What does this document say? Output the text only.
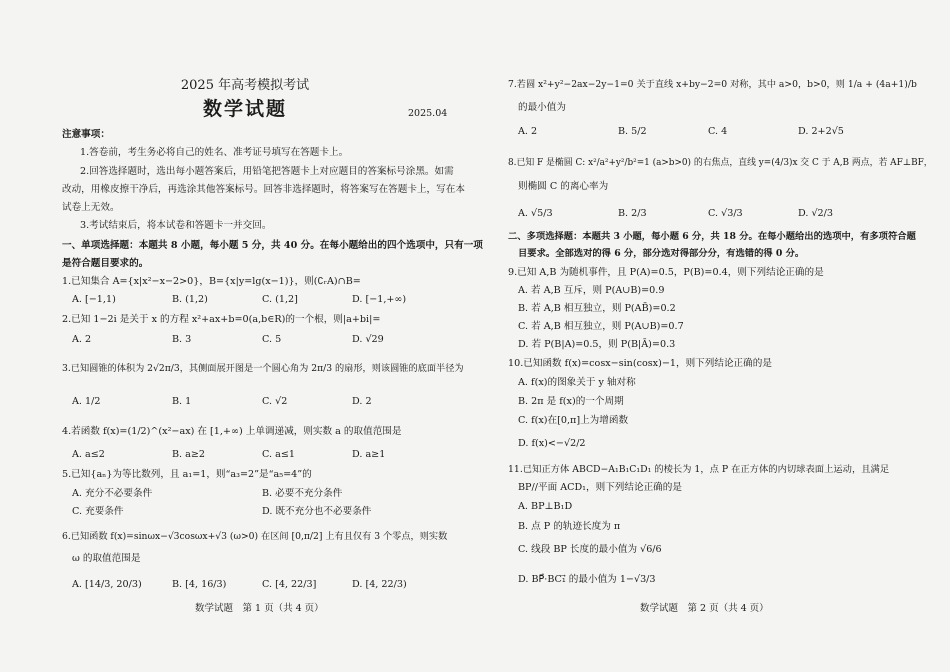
2025 年高考模拟考试
数学试题	2025.04
注意事项：
1.答卷前，考生务必将自己的姓名、准考证号填写在答题卡上。
2.回答选择题时，选出每小题答案后，用铅笔把答题卡上对应题目的答案标号涂黑。如需
改动，用橡皮擦干净后，再选涂其他答案标号。回答非选择题时，将答案写在答题卡上，写在本
试卷上无效。
3.考试结束后，将本试卷和答题卡一并交回。
一、单项选择题：本题共 8 小题，每小题 5 分，共 40 分。在每小题给出的四个选项中，只有一项
是符合题目要求的。
1.已知集合 A={x|x²−x−2>0}，B={x|y=lg(x−1)}，则(∁ᵣA)∩B=
A. [−1,1)	B. (1,2)	C. (1,2]	D. [−1,+∞)
2.已知 1−2i 是关于 x 的方程 x²+ax+b=0(a,b∈R)的一个根，则|a+bi|=
A. 2	B. 3	C. 5	D. √29
3.已知圆锥的体积为 2√2π/3，其侧面展开图是一个圆心角为 2π/3 的扇形，则该圆锥的底面半径为
A. 1/2	B. 1	C. √2	D. 2
4.若函数 f(x)=(1/2)^(x²−ax) 在 [1,+∞) 上单调递减，则实数 a 的取值范围是
A. a≤2	B. a≥2	C. a≤1	D. a≥1
5.已知{aₙ}为等比数列，且 a₁=1，则“a₃=2”是“a₅=4”的
A. 充分不必要条件	B. 必要不充分条件
C. 充要条件	D. 既不充分也不必要条件
6.已知函数 f(x)=sinωx−√3cosωx+√3 (ω>0) 在区间 [0,π/2] 上有且仅有 3 个零点，则实数
ω 的取值范围是
A. [14/3, 20/3)	B. [4, 16/3)	C. [4, 22/3]	D. [4, 22/3)
数学试题　第 1 页（共 4 页）
7.若圆 x²+y²−2ax−2y−1=0 关于直线 x+by−2=0 对称，其中 a>0，b>0，则 1/a + (4a+1)/b
的最小值为
A. 2	B. 5/2	C. 4	D. 2+2√5
8.已知 F 是椭圆 C: x²/a²+y²/b²=1 (a>b>0) 的右焦点，直线 y=(4/3)x 交 C 于 A,B 两点，若 AF⊥BF，
则椭圆 C 的离心率为
A. √5/3	B. 2/3	C. √3/3	D. √2/3
二、多项选择题：本题共 3 小题，每小题 6 分，共 18 分。在每小题给出的选项中，有多项符合题
目要求。全部选对的得 6 分，部分选对得部分分，有选错的得 0 分。
9.已知 A,B 为随机事件，且 P(A)=0.5，P(B)=0.4，则下列结论正确的是
A. 若 A,B 互斥，则 P(A∪B)=0.9
B. 若 A,B 相互独立，则 P(AB̄)=0.2
C. 若 A,B 相互独立，则 P(A∪B)=0.7
D. 若 P(B|A)=0.5，则 P(B|Ā)=0.3
10.已知函数 f(x)=cosx−sin(cosx)−1，则下列结论正确的是
A. f(x)的图象关于 y 轴对称
B. 2π 是 f(x)的一个周期
C. f(x)在[0,π]上为增函数
D. f(x)<−√2/2
11.已知正方体 ABCD−A₁B₁C₁D₁ 的棱长为 1，点 P 在正方体的内切球表面上运动，且满足
BP//平面 ACD₁，则下列结论正确的是
A. BP⊥B₁D
B. 点 P 的轨迹长度为 π
C. 线段 BP 长度的最小值为 √6/6
D. BP⃗·BC₁⃗ 的最小值为 1−√3/3
数学试题　第 2 页（共 4 页）
